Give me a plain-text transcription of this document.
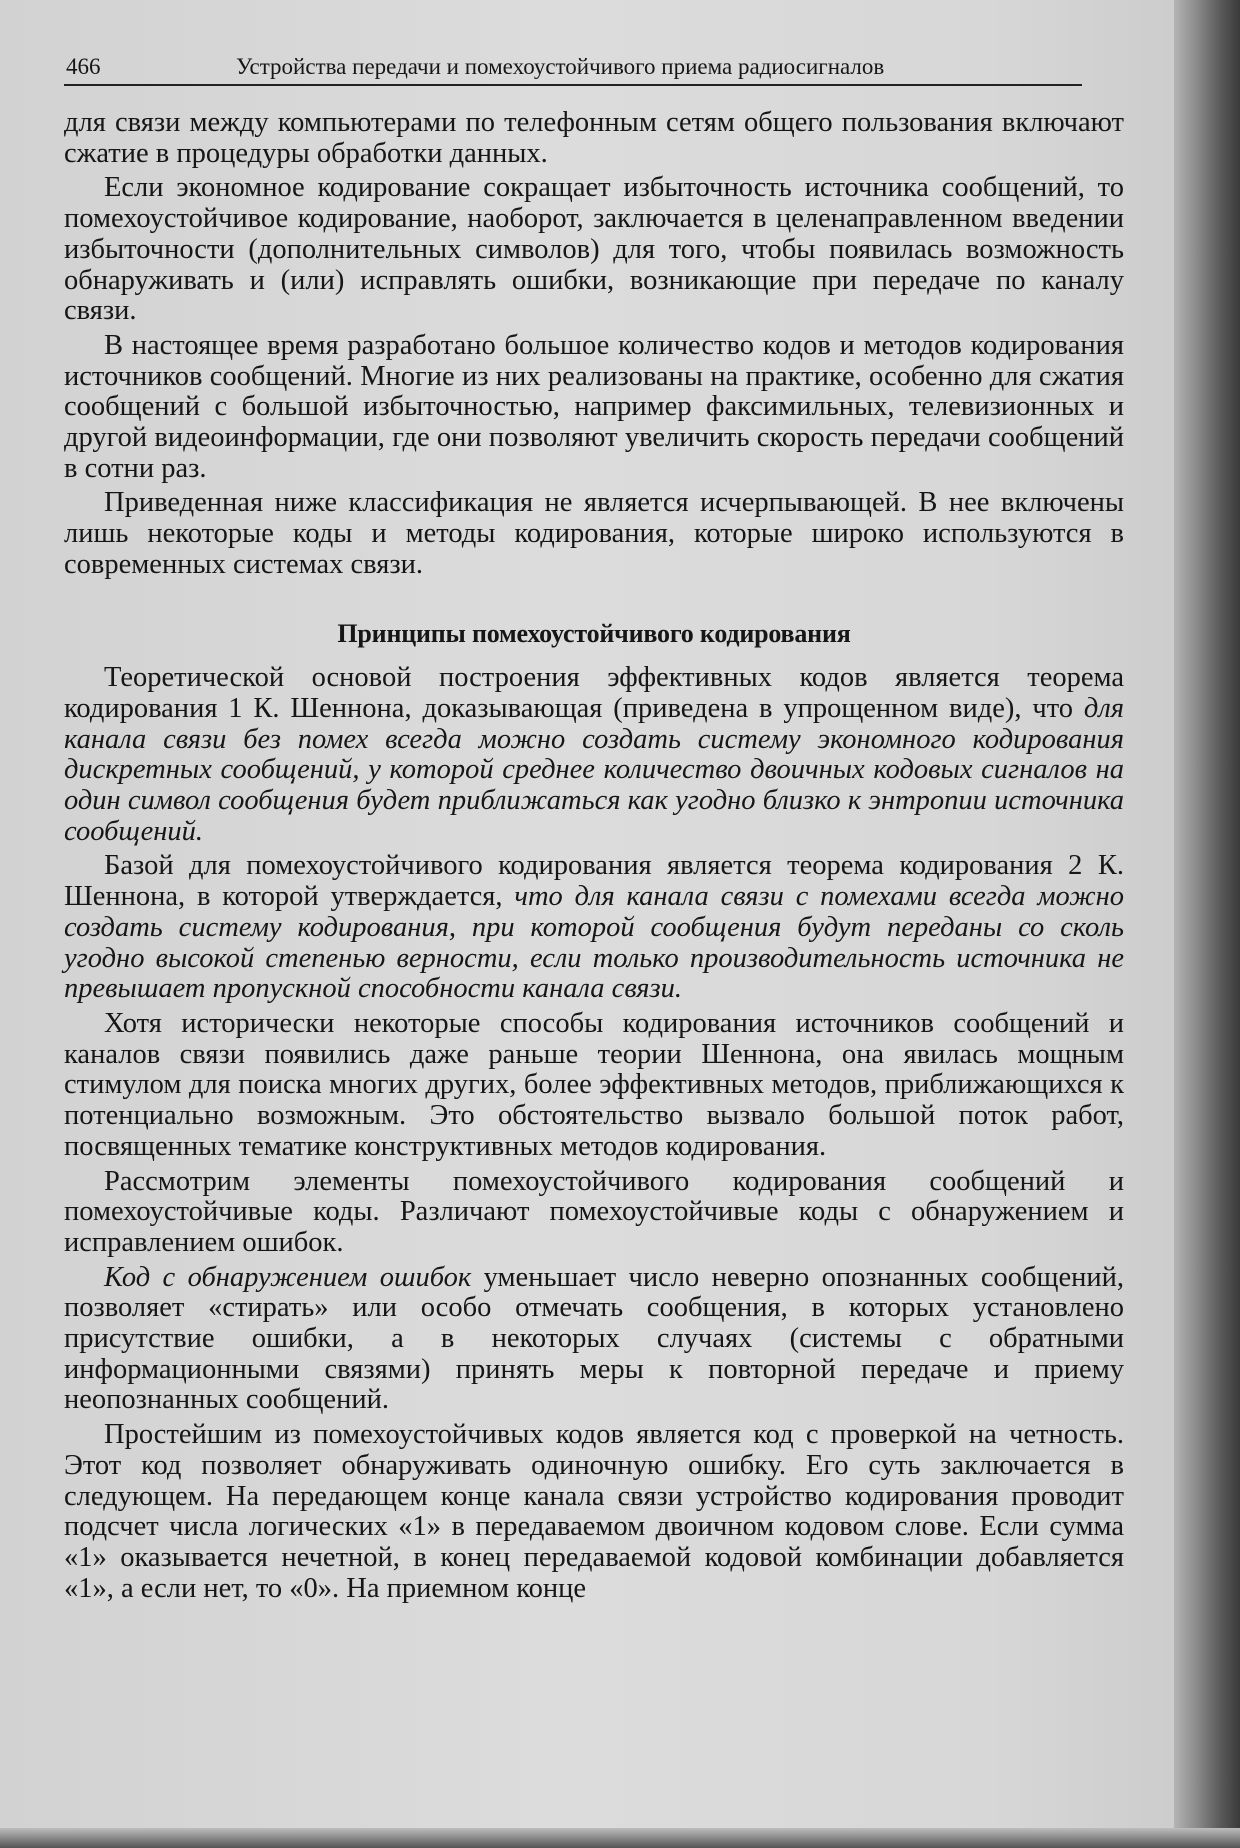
466	Устройства передачи и помехоустойчивого приема радиосигналов

для связи между компьютерами по телефонным сетям общего пользования включают сжатие в процедуры обработки данных.

Если экономное кодирование сокращает избыточность источника сообщений, то помехоустойчивое кодирование, наоборот, заключается в целенаправленном введении избыточности (дополнительных символов) для того, чтобы появилась возможность обнаруживать и (или) исправлять ошибки, возникающие при передаче по каналу связи.

В настоящее время разработано большое количество кодов и методов кодирования источников сообщений. Многие из них реализованы на практике, особенно для сжатия сообщений с большой избыточностью, например факсимильных, телевизионных и другой видеоинформации, где они позволяют увеличить скорость передачи сообщений в сотни раз.

Приведенная ниже классификация не является исчерпывающей. В нее включены лишь некоторые коды и методы кодирования, которые широко используются в современных системах связи.

Принципы помехоустойчивого кодирования

Теоретической основой построения эффективных кодов является теорема кодирования 1 К. Шеннона, доказывающая (приведена в упрощенном виде), что для канала связи без помех всегда можно создать систему экономного кодирования дискретных сообщений, у которой среднее количество двоичных кодовых сигналов на один символ сообщения будет приближаться как угодно близко к энтропии источника сообщений.

Базой для помехоустойчивого кодирования является теорема кодирования 2 К. Шеннона, в которой утверждается, что для канала связи с помехами всегда можно создать систему кодирования, при которой сообщения будут переданы со сколь угодно высокой степенью верности, если только производительность источника не превышает пропускной способности канала связи.

Хотя исторически некоторые способы кодирования источников сообщений и каналов связи появились даже раньше теории Шеннона, она явилась мощным стимулом для поиска многих других, более эффективных методов, приближающихся к потенциально возможным. Это обстоятельство вызвало большой поток работ, посвященных тематике конструктивных методов кодирования.

Рассмотрим элементы помехоустойчивого кодирования сообщений и помехоустойчивые коды. Различают помехоустойчивые коды с обнаружением и исправлением ошибок.

Код с обнаружением ошибок уменьшает число неверно опознанных сообщений, позволяет «стирать» или особо отмечать сообщения, в которых установлено присутствие ошибки, а в некоторых случаях (системы с обратными информационными связями) принять меры к повторной передаче и приему неопознанных сообщений.

Простейшим из помехоустойчивых кодов является код с проверкой на четность. Этот код позволяет обнаруживать одиночную ошибку. Его суть заключается в следующем. На передающем конце канала связи устройство кодирования проводит подсчет числа логических «1» в передаваемом двоичном кодовом слове. Если сумма «1» оказывается нечетной, в конец передаваемой кодовой комбинации добавляется «1», а если нет, то «0». На приемном конце
